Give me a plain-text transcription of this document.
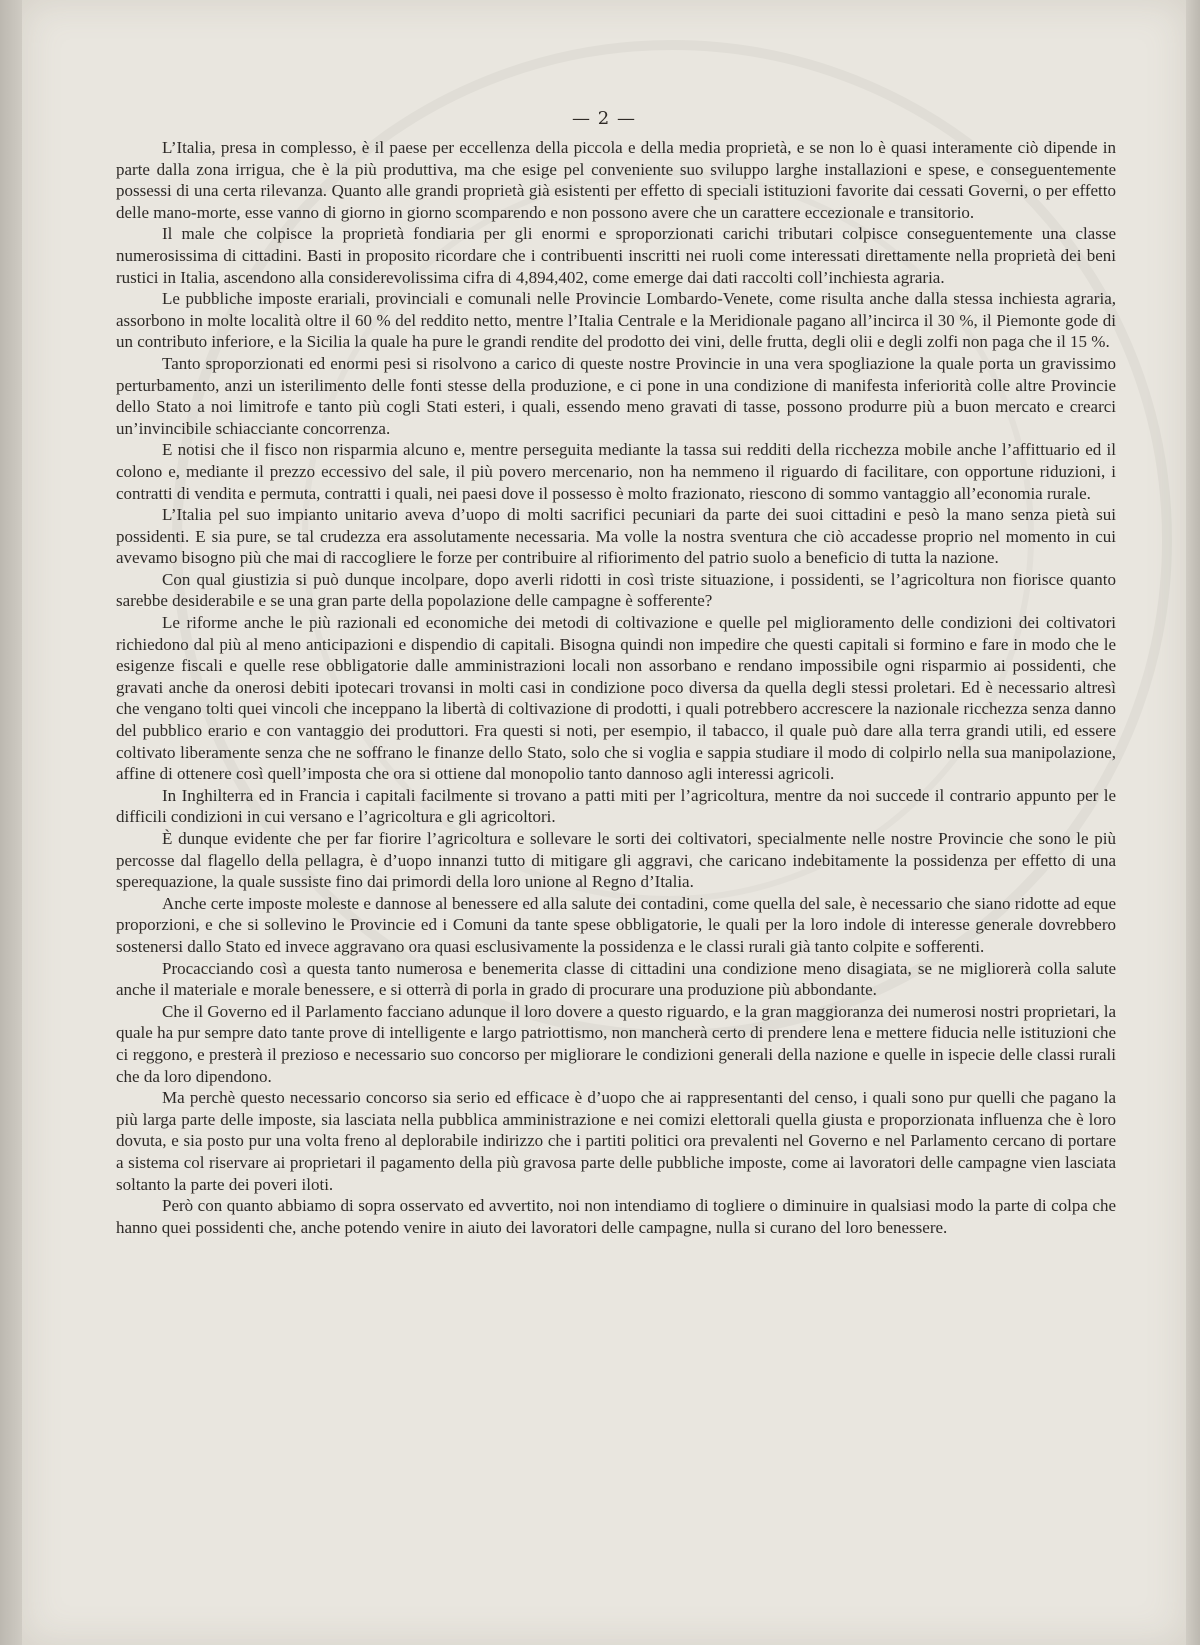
— 2 —

L’Italia, presa in complesso, è il paese per eccellenza della piccola e della media proprietà, e se non lo è quasi interamente ciò dipende in parte dalla zona irrigua, che è la più produttiva, ma che esige pel conveniente suo sviluppo larghe installazioni e spese, e conseguentemente possessi di una certa rilevanza. Quanto alle grandi proprietà già esistenti per effetto di speciali istituzioni favorite dai cessati Governi, o per effetto delle mano-morte, esse vanno di giorno in giorno scomparendo e non possono avere che un carattere eccezionale e transitorio.

Il male che colpisce la proprietà fondiaria per gli enormi e sproporzionati carichi tributari colpisce conseguentemente una classe numerosissima di cittadini. Basti in proposito ricordare che i contribuenti inscritti nei ruoli come interessati direttamente nella proprietà dei beni rustici in Italia, ascendono alla considerevolissima cifra di 4,894,402, come emerge dai dati raccolti coll’inchiesta agraria.

Le pubbliche imposte erariali, provinciali e comunali nelle Provincie Lombardo-Venete, come risulta anche dalla stessa inchiesta agraria, assorbono in molte località oltre il 60 % del reddito netto, mentre l’Italia Centrale e la Meridionale pagano all’incirca il 30 %, il Piemonte gode di un contributo inferiore, e la Sicilia la quale ha pure le grandi rendite del prodotto dei vini, delle frutta, degli olii e degli zolfi non paga che il 15 %.

Tanto sproporzionati ed enormi pesi si risolvono a carico di queste nostre Provincie in una vera spogliazione la quale porta un gravissimo perturbamento, anzi un isterilimento delle fonti stesse della produzione, e ci pone in una condizione di manifesta inferiorità colle altre Provincie dello Stato a noi limitrofe e tanto più cogli Stati esteri, i quali, essendo meno gravati di tasse, possono produrre più a buon mercato e crearci un’invincibile schiacciante concorrenza.

E notisi che il fisco non risparmia alcuno e, mentre perseguita mediante la tassa sui redditi della ricchezza mobile anche l’affittuario ed il colono e, mediante il prezzo eccessivo del sale, il più povero mercenario, non ha nemmeno il riguardo di facilitare, con opportune riduzioni, i contratti di vendita e permuta, contratti i quali, nei paesi dove il possesso è molto frazionato, riescono di sommo vantaggio all’economia rurale.

L’Italia pel suo impianto unitario aveva d’uopo di molti sacrifici pecuniari da parte dei suoi cittadini e pesò la mano senza pietà sui possidenti. E sia pure, se tal crudezza era assolutamente necessaria. Ma volle la nostra sventura che ciò accadesse proprio nel momento in cui avevamo bisogno più che mai di raccogliere le forze per contribuire al rifiorimento del patrio suolo a beneficio di tutta la nazione.

Con qual giustizia si può dunque incolpare, dopo averli ridotti in così triste situazione, i possidenti, se l’agricoltura non fiorisce quanto sarebbe desiderabile e se una gran parte della popolazione delle campagne è sofferente?

Le riforme anche le più razionali ed economiche dei metodi di coltivazione e quelle pel miglioramento delle condizioni dei coltivatori richiedono dal più al meno anticipazioni e dispendio di capitali. Bisogna quindi non impedire che questi capitali si formino e fare in modo che le esigenze fiscali e quelle rese obbligatorie dalle amministrazioni locali non assorbano e rendano impossibile ogni risparmio ai possidenti, che gravati anche da onerosi debiti ipotecari trovansi in molti casi in condizione poco diversa da quella degli stessi proletari. Ed è necessario altresì che vengano tolti quei vincoli che inceppano la libertà di coltivazione di prodotti, i quali potrebbero accrescere la nazionale ricchezza senza danno del pubblico erario e con vantaggio dei produttori. Fra questi si noti, per esempio, il tabacco, il quale può dare alla terra grandi utili, ed essere coltivato liberamente senza che ne soffrano le finanze dello Stato, solo che si voglia e sappia studiare il modo di colpirlo nella sua manipolazione, affine di ottenere così quell’imposta che ora si ottiene dal monopolio tanto dannoso agli interessi agricoli.

In Inghilterra ed in Francia i capitali facilmente si trovano a patti miti per l’agricoltura, mentre da noi succede il contrario appunto per le difficili condizioni in cui versano e l’agricoltura e gli agricoltori.

È dunque evidente che per far fiorire l’agricoltura e sollevare le sorti dei coltivatori, specialmente nelle nostre Provincie che sono le più percosse dal flagello della pellagra, è d’uopo innanzi tutto di mitigare gli aggravi, che caricano indebitamente la possidenza per effetto di una sperequazione, la quale sussiste fino dai primordi della loro unione al Regno d’Italia.

Anche certe imposte moleste e dannose al benessere ed alla salute dei contadini, come quella del sale, è necessario che siano ridotte ad eque proporzioni, e che si sollevino le Provincie ed i Comuni da tante spese obbligatorie, le quali per la loro indole di interesse generale dovrebbero sostenersi dallo Stato ed invece aggravano ora quasi esclusivamente la possidenza e le classi rurali già tanto colpite e sofferenti.

Procacciando così a questa tanto numerosa e benemerita classe di cittadini una condizione meno disagiata, se ne migliorerà colla salute anche il materiale e morale benessere, e si otterrà di porla in grado di procurare una produzione più abbondante.

Che il Governo ed il Parlamento facciano adunque il loro dovere a questo riguardo, e la gran maggioranza dei numerosi nostri proprietari, la quale ha pur sempre dato tante prove di intelligente e largo patriottismo, non mancherà certo di prendere lena e mettere fiducia nelle istituzioni che ci reggono, e presterà il prezioso e necessario suo concorso per migliorare le condizioni generali della nazione e quelle in ispecie delle classi rurali che da loro dipendono.

Ma perchè questo necessario concorso sia serio ed efficace è d’uopo che ai rappresentanti del censo, i quali sono pur quelli che pagano la più larga parte delle imposte, sia lasciata nella pubblica amministrazione e nei comizi elettorali quella giusta e proporzionata influenza che è loro dovuta, e sia posto pur una volta freno al deplorabile indirizzo che i partiti politici ora prevalenti nel Governo e nel Parlamento cercano di portare a sistema col riservare ai proprietari il pagamento della più gravosa parte delle pubbliche imposte, come ai lavoratori delle campagne vien lasciata soltanto la parte dei poveri iloti.

Però con quanto abbiamo di sopra osservato ed avvertito, noi non intendiamo di togliere o diminuire in qualsiasi modo la parte di colpa che hanno quei possidenti che, anche potendo venire in aiuto dei lavoratori delle campagne, nulla si curano del loro benessere.
